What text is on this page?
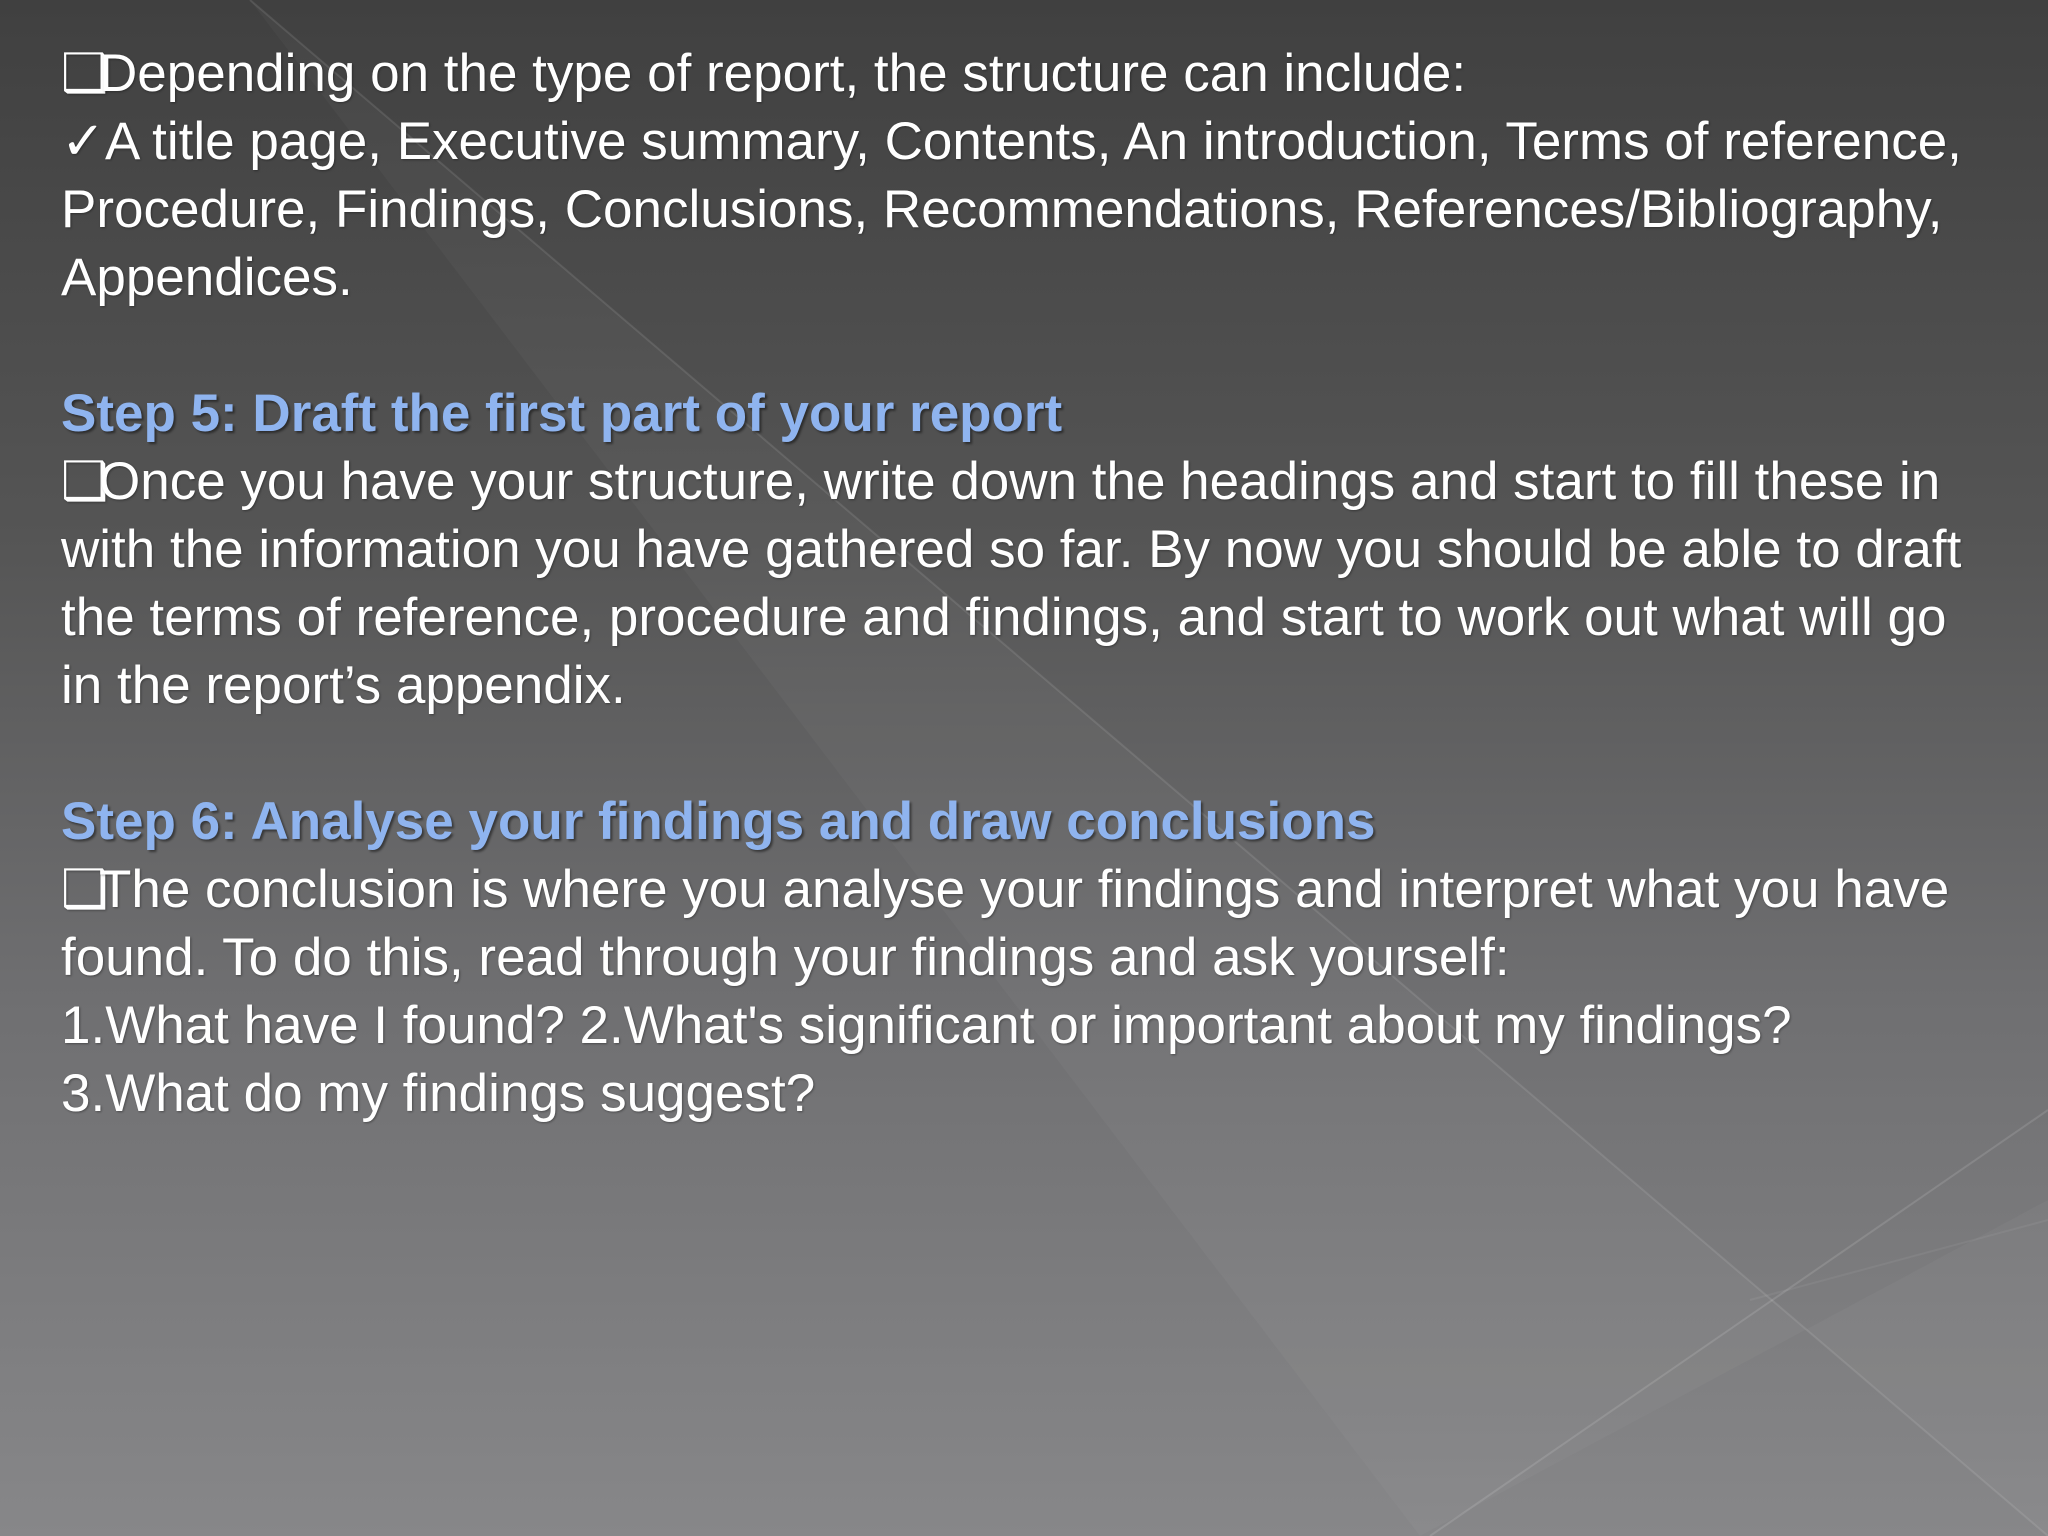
❑Depending on the type of report, the structure can include:

✓A title page, Executive summary, Contents, An introduction, Terms of reference, Procedure, Findings, Conclusions, Recommendations, References/Bibliography, Appendices.

Step 5: Draft the first part of your report

❑Once you have your structure, write down the headings and start to fill these in with the information you have gathered so far. By now you should be able to draft the terms of reference, procedure and findings, and start to work out what will go in the report’s appendix.

Step 6: Analyse your findings and draw conclusions

❑The conclusion is where you analyse your findings and interpret what you have found. To do this, read through your findings and ask yourself:

1.What have I found? 2.What's significant or important about my findings?

3.What do my findings suggest?
